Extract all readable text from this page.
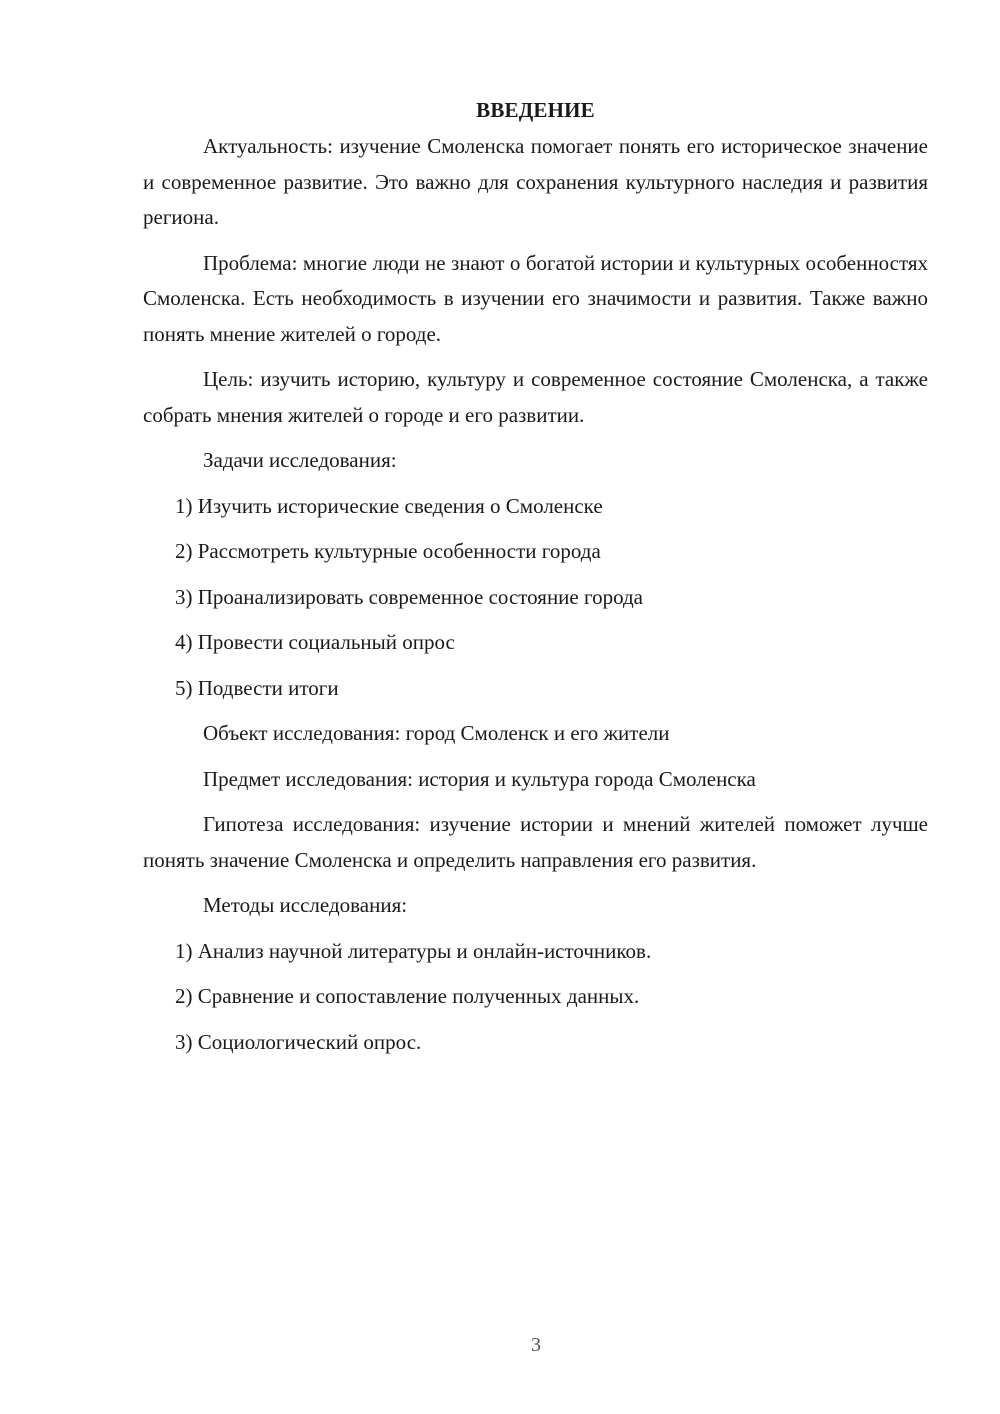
ВВЕДЕНИЕ

Актуальность: изучение Смоленска помогает понять его историческое значение и современное развитие. Это важно для сохранения культурного наследия и развития региона.

Проблема: многие люди не знают о богатой истории и культурных особенностях Смоленска. Есть необходимость в изучении его значимости и развития. Также важно понять мнение жителей о городе.

Цель: изучить историю, культуру и современное состояние Смоленска, а также собрать мнения жителей о городе и его развитии.

Задачи исследования:

1) Изучить исторические сведения о Смоленске

2) Рассмотреть культурные особенности города

3) Проанализировать современное состояние города

4) Провести социальный опрос

5) Подвести итоги

Объект исследования: город Смоленск и его жители

Предмет исследования: история и культура города Смоленска

Гипотеза исследования: изучение истории и мнений жителей поможет лучше понять значение Смоленска и определить направления его развития.

Методы исследования:

1) Анализ научной литературы и онлайн-источников.

2) Сравнение и сопоставление полученных данных.

3) Социологический опрос.

3
